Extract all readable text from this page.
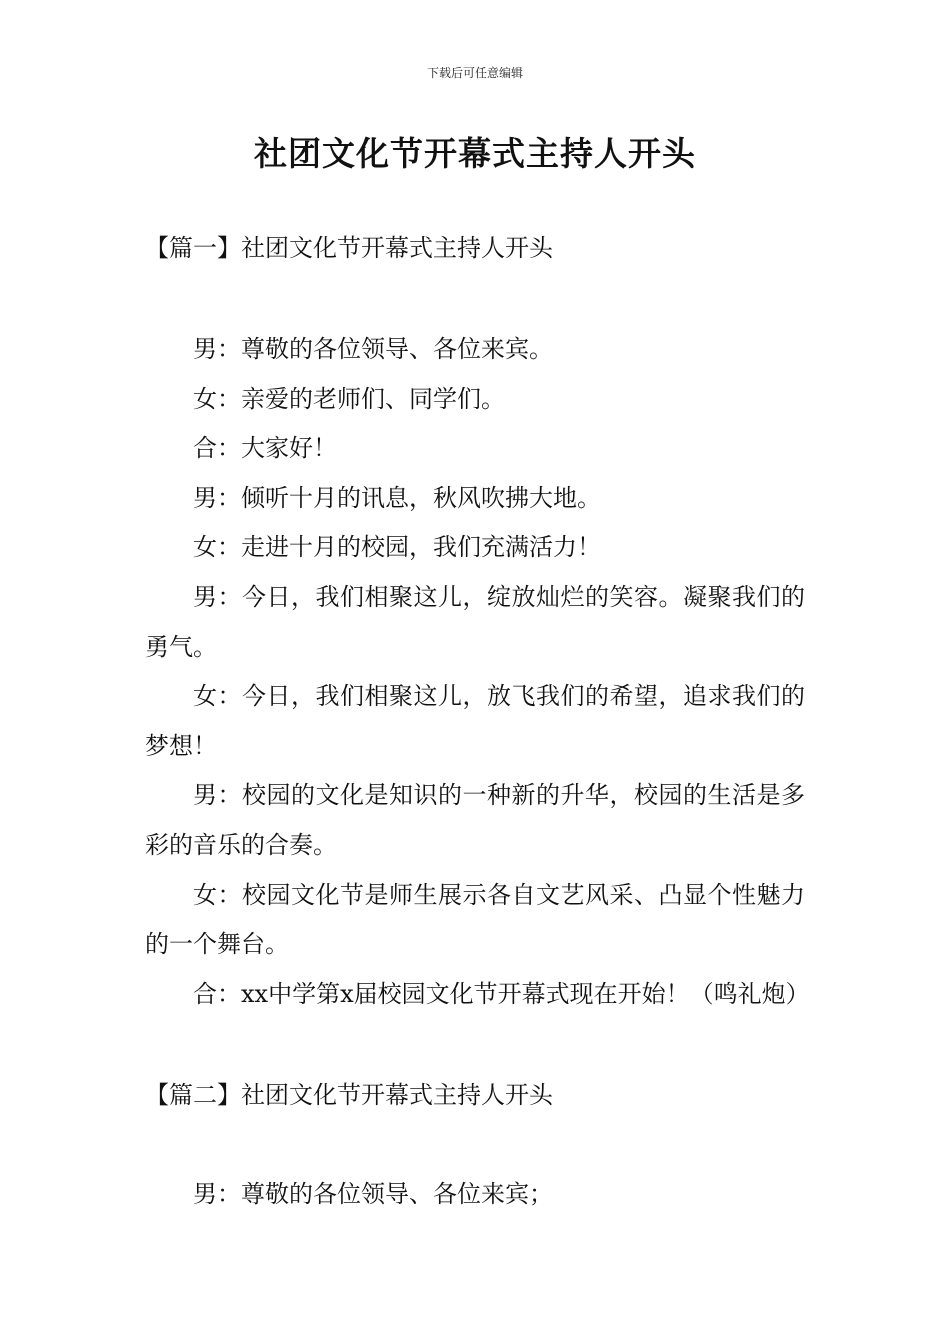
下载后可任意编辑
社团文化节开幕式主持人开头
【篇一】社团文化节开幕式主持人开头

男：尊敬的各位领导、各位来宾。

女：亲爱的老师们、同学们。

合：大家好！

男：倾听十月的讯息，秋风吹拂大地。

女：走进十月的校园，我们充满活力！

男：今日，我们相聚这儿，绽放灿烂的笑容。凝聚我们的勇气。

女：今日，我们相聚这儿，放飞我们的希望，追求我们的梦想！

男：校园的文化是知识的一种新的升华，校园的生活是多彩的音乐的合奏。

女：校园文化节是师生展示各自文艺风采、凸显个性魅力的一个舞台。

合：xx中学第x届校园文化节开幕式现在开始！（鸣礼炮）

【篇二】社团文化节开幕式主持人开头

男：尊敬的各位领导、各位来宾；
